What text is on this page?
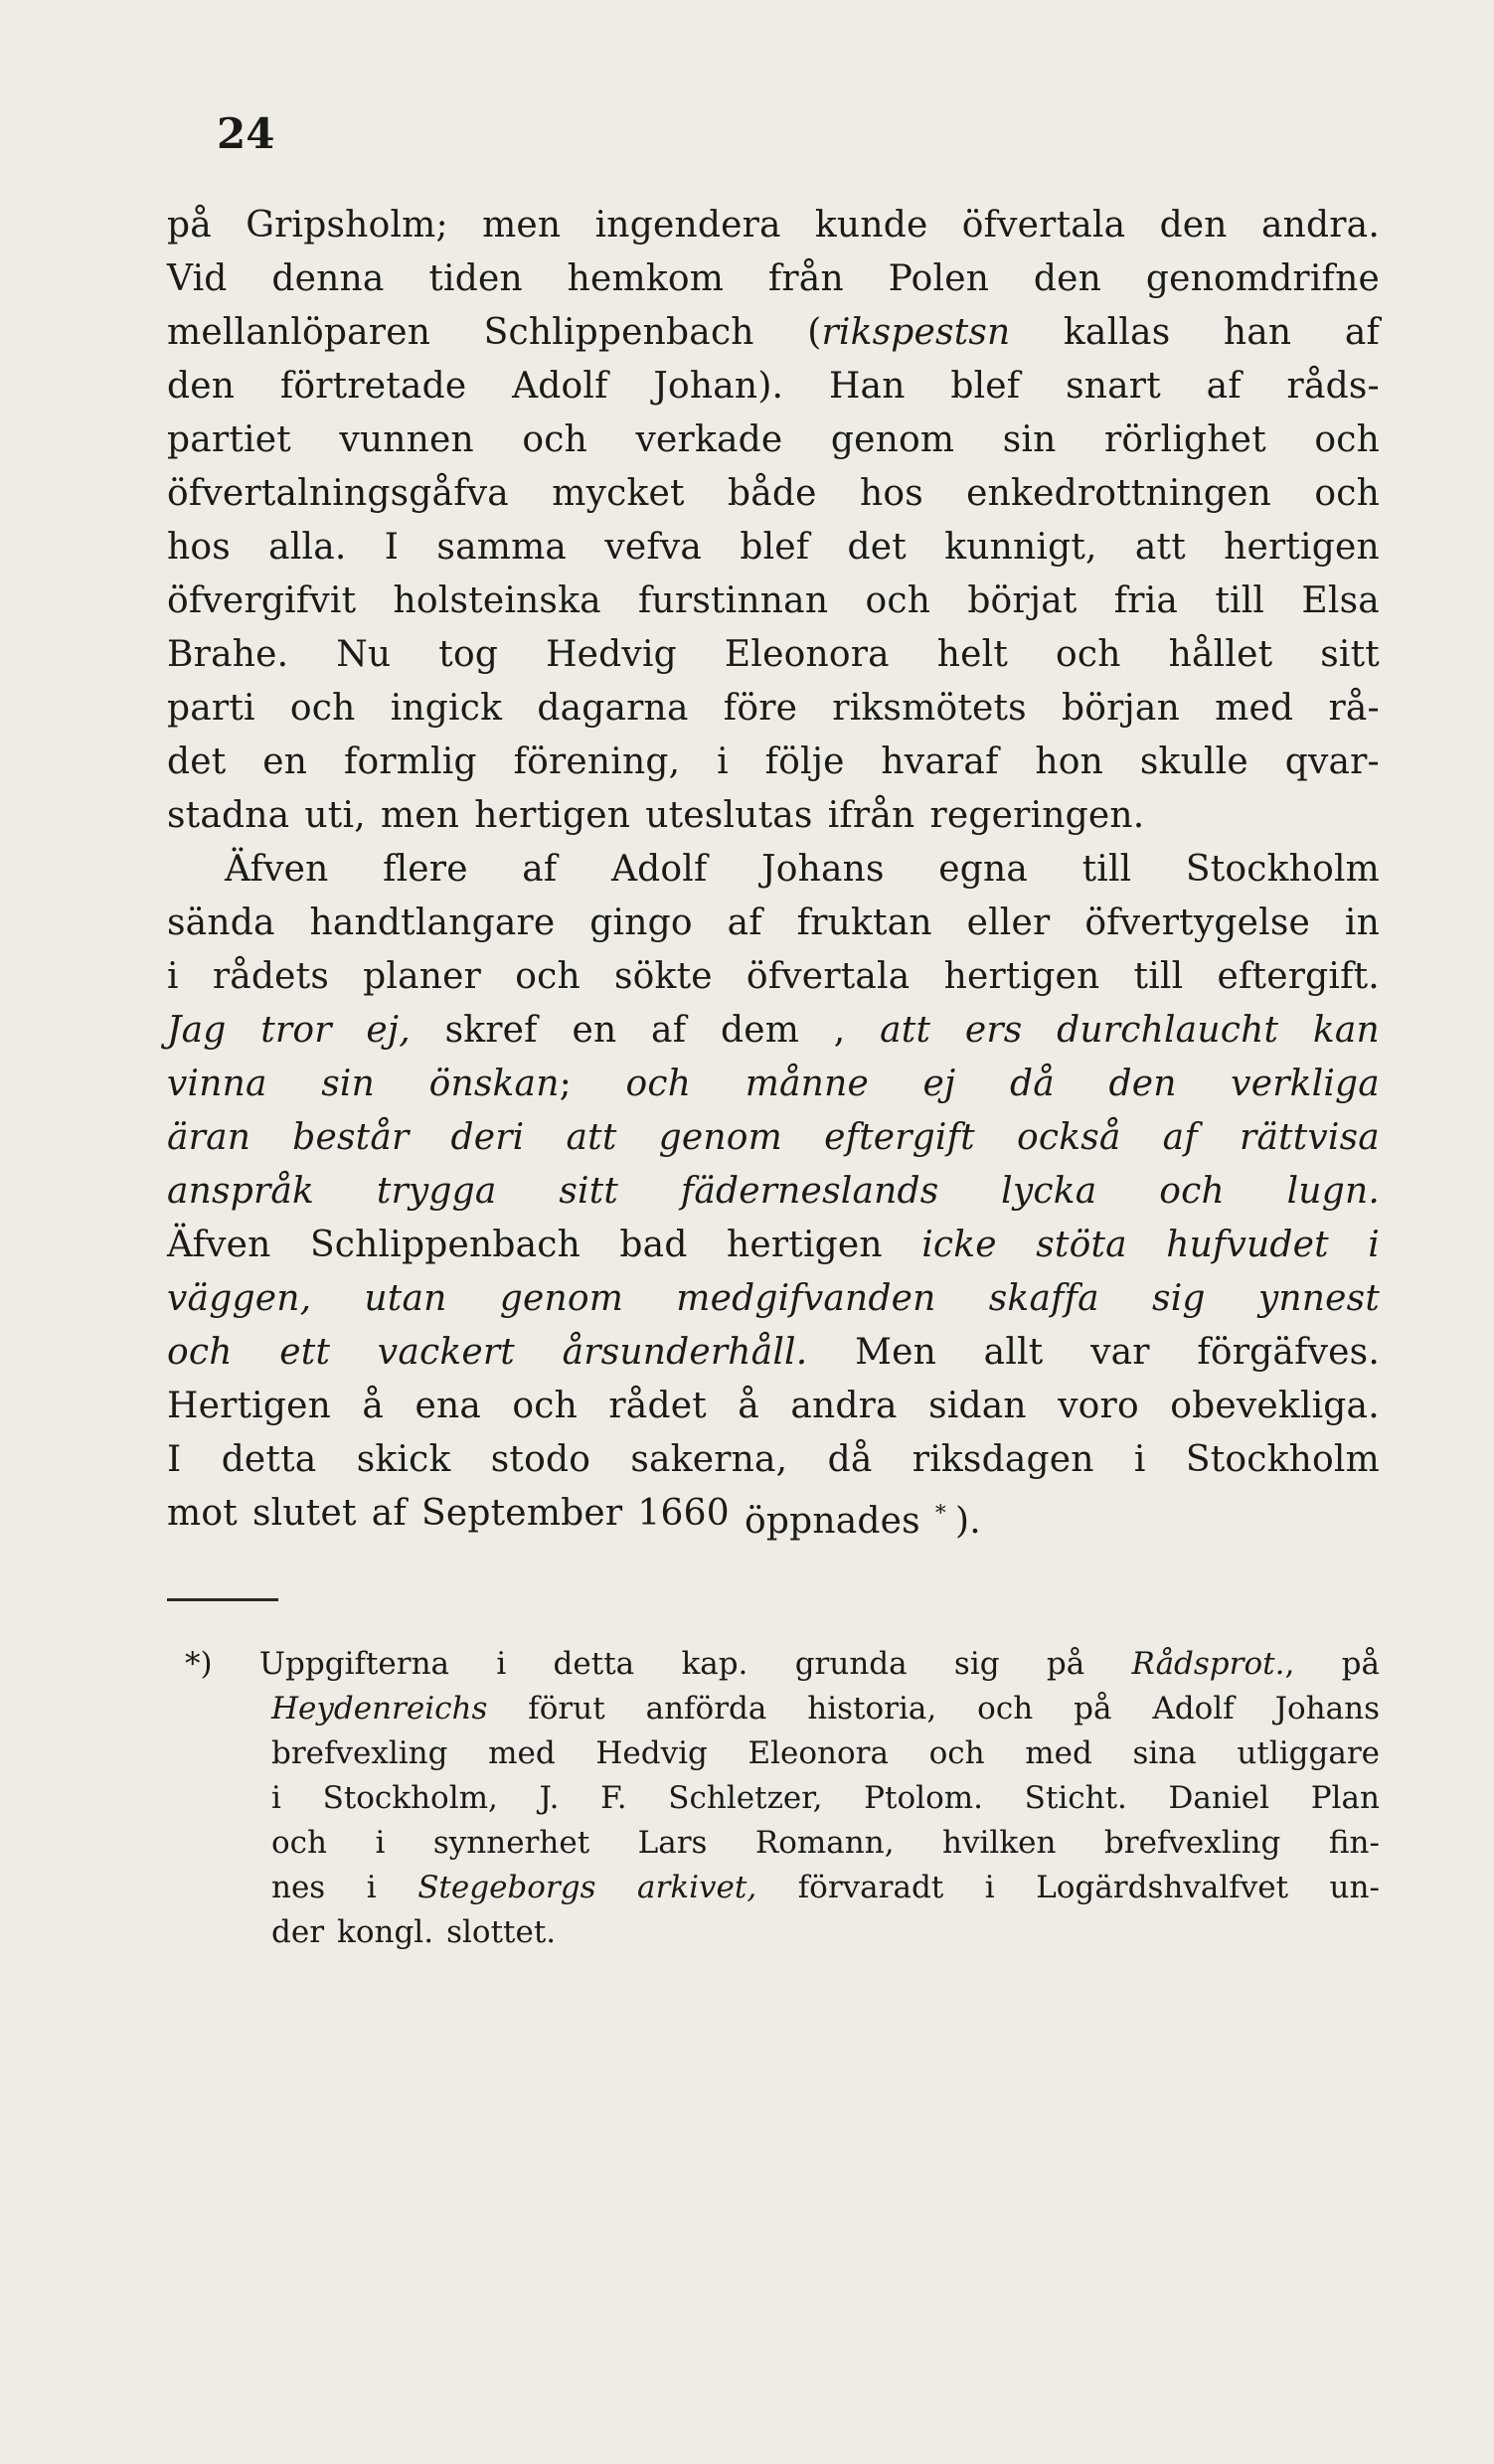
24
på Gripsholm; men ingendera kunde öfvertala den andra.
Vid denna tiden hemkom från Polen den genomdrifne
mellanlöparen Schlippenbach (rikspestsn kallas han af
den förtretade Adolf Johan). Han blef snart af råds-
partiet vunnen och verkade genom sin rörlighet och
öfvertalningsgåfva mycket både hos enkedrottningen och
hos alla. I samma vefva blef det kunnigt, att hertigen
öfvergifvit holsteinska furstinnan och börjat fria till Elsa
Brahe. Nu tog Hedvig Eleonora helt och hållet sitt
parti och ingick dagarna före riksmötets början med rå-
det en formlig förening, i följe hvaraf hon skulle qvar-
stadna uti, men hertigen uteslutas ifrån regeringen.
Äfven flere af Adolf Johans egna till Stockholm
sända handtlangare gingo af fruktan eller öfvertygelse in
i rådets planer och sökte öfvertala hertigen till eftergift.
Jag tror ej, skref en af dem , att ers durchlaucht kan
vinna sin önskan; och månne ej då den verkliga
äran består deri att genom eftergift också af rättvisa
anspråk trygga sitt fäderneslands lycka och lugn.
Äfven Schlippenbach bad hertigen icke stöta hufvudet i
väggen, utan genom medgifvanden skaffa sig ynnest
och ett vackert årsunderhåll. Men allt var förgäfves.
Hertigen å ena och rådet å andra sidan voro obevekliga.
I detta skick stodo sakerna, då riksdagen i Stockholm
mot slutet af September 1660 öppnades * ).
*) Uppgifterna i detta kap. grunda sig på Rådsprot., på
Heydenreichs förut anförda historia, och på Adolf Johans
brefvexling med Hedvig Eleonora och med sina utliggare
i Stockholm, J. F. Schletzer, Ptolom. Sticht. Daniel Plan
och i synnerhet Lars Romann, hvilken brefvexling fin-
nes i Stegeborgs arkivet, förvaradt i Logärdshvalfvet un-
der kongl. slottet.
